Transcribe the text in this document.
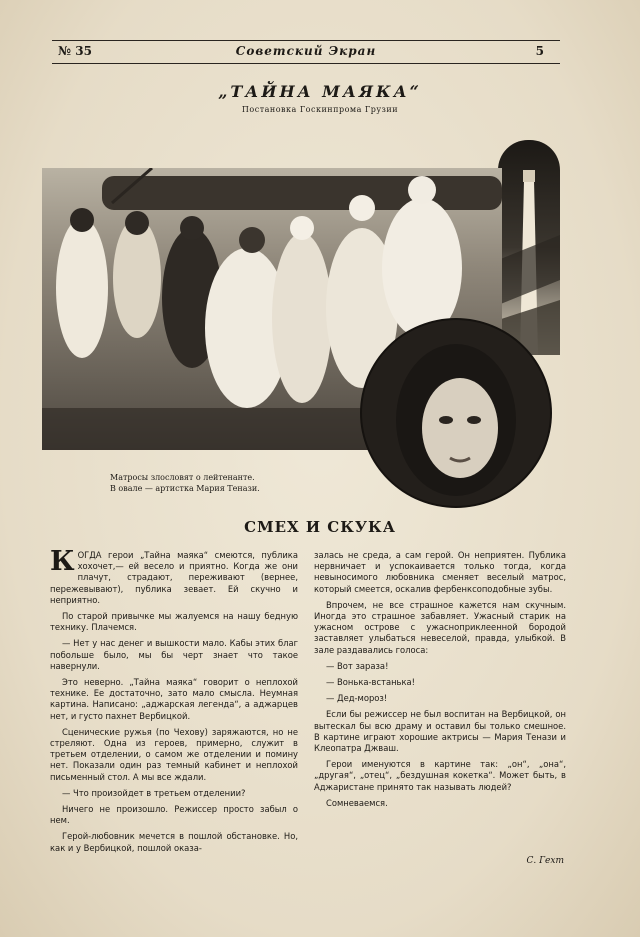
№ 35	Советский Экран	5
„ТАЙНА МАЯКА“
Постановка Госкинпрома Грузии
Матросы злословят о лейтенанте.
В овале — артистка Мария Тенази.
СМЕХ И СКУКА

КОГДА герои „Тайна маяка“ смеются, публика хохочет,— ей весело и приятно. Когда же они плачут, страдают, переживают (вернее, пережевывают), публика зевает. Ей скучно и неприятно.

По старой привычке мы жалуемся на нашу бедную технику. Плачемся.

— Нет у нас денег и вышкости мало. Кабы этих благ побольше было, мы бы черт знает что такое навернули.

Это неверно. „Тайна маяка“ говорит о неплохой технике. Ее достаточно, зато мало смысла. Неумная картина. Написано: „аджарская легенда“, а аджарцев нет, и густо пахнет Вербицкой.

Сценические ружья (по Чехову) заряжаются, но не стреляют. Одна из героев, примерно, служит в третьем отделении, о самом же отделении и помину нет. Показали один раз темный кабинет и неплохой письменный стол. А мы все ждали.

— Что произойдет в третьем отделении?

Ничего не произошло. Режиссер просто забыл о нем.

Герой-любовник мечется в пошлой обстановке. Но, как и у Вербицкой, пошлой оказа-

залась не среда, а сам герой. Он неприятен. Публика нервничает и успокаивается только тогда, когда невыносимого любовника сменяет веселый матрос, который смеется, оскалив фербенксоподобные зубы.

Впрочем, не все страшное кажется нам скучным. Иногда это страшное забавляет. Ужасный старик на ужасном острове с ужасноприклеенной бородой заставляет улыбаться невеселой, правда, улыбкой. В зале раздавались голоса:

— Вот зараза!

— Вонька-встанька!

— Дед-мороз!

Если бы режиссер не был воспитан на Вербицкой, он вытескал бы всю драму и оставил бы только смешное. В картине играют хорошие актрисы — Мария Тенази и Клеопатра Джваш.

Герои именуются в картине так: „он“, „она“, „другая“, „отец“, „бездушная кокетка“. Может быть, в Аджаристане принято так называть людей?

Сомневаемся.

С. Гехт
